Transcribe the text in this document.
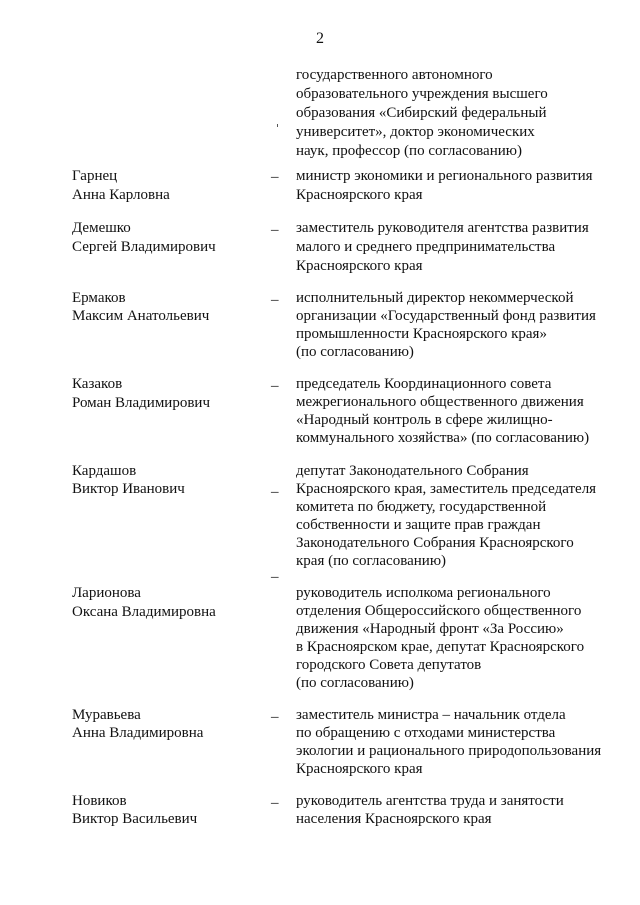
2
государственного автономного
образовательного учреждения высшего
образования «Сибирский федеральный
университет», доктор экономических
наук, профессор (по согласованию)
Гарнец
Анна Карловна
– министр экономики и регионального развития
Красноярского края
Демешко
Сергей Владимирович
– заместитель руководителя агентства развития
малого и среднего предпринимательства
Красноярского края
Ермаков
Максим Анатольевич
– исполнительный директор некоммерческой
организации «Государственный фонд развития
промышленности Красноярского края»
(по согласованию)
Казаков
Роман Владимирович
– председатель Координационного совета
межрегионального общественного движения
«Народный контроль в сфере жилищно-
коммунального хозяйства» (по согласованию)
Кардашов
Виктор Иванович	–
депутат Законодательного Собрания
Красноярского края, заместитель председателя
комитета по бюджету, государственной
собственности и защите прав граждан
Законодательного Собрания Красноярского
края (по согласованию)
Ларионова
Оксана Владимировна
–
руководитель исполкома регионального
отделения Общероссийского общественного
движения «Народный фронт «За Россию»
в Красноярском крае, депутат Красноярского
городского Совета депутатов
(по согласованию)
Муравьева
Анна Владимировна
– заместитель министра – начальник отдела
по обращению с отходами министерства
экологии и рационального природопользования
Красноярского края
Новиков
Виктор Васильевич
– руководитель агентства труда и занятости
населения Красноярского края
